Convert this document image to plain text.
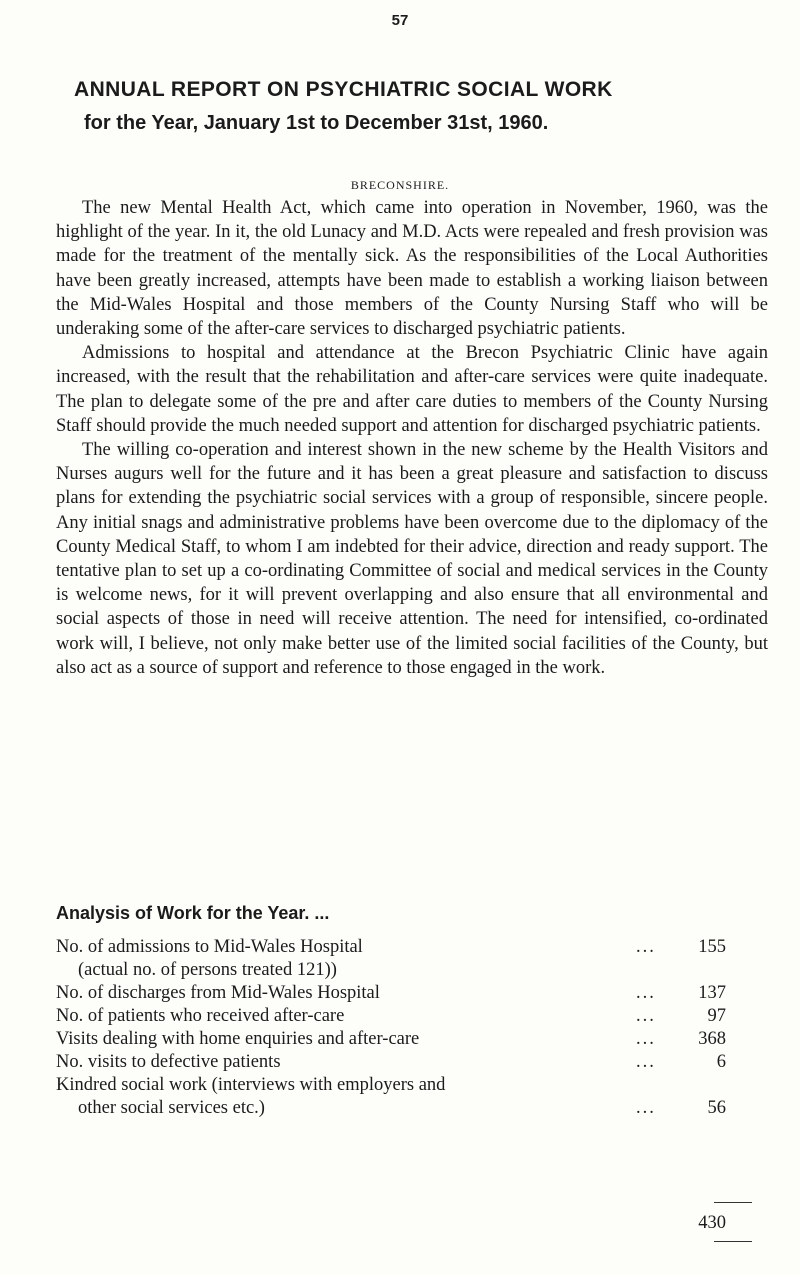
57
ANNUAL REPORT ON PSYCHIATRIC SOCIAL WORK
for the Year, January 1st to December 31st, 1960.
BRECONSHIRE.

The new Mental Health Act, which came into operation in November, 1960, was the highlight of the year. In it, the old Lunacy and M.D. Acts were repealed and fresh provision was made for the treatment of the mentally sick. As the responsibilities of the Local Authorities have been greatly increased, attempts have been made to establish a working liaison between the Mid-Wales Hospital and those members of the County Nursing Staff who will be underaking some of the after-care services to discharged psychiatric patients.

Admissions to hospital and attendance at the Brecon Psychiatric Clinic have again increased, with the result that the rehabilitation and after-care services were quite inadequate. The plan to delegate some of the pre and after care duties to members of the County Nursing Staff should provide the much needed support and attention for discharged psychiatric patients.

The willing co-operation and interest shown in the new scheme by the Health Visitors and Nurses augurs well for the future and it has been a great pleasure and satisfaction to discuss plans for extending the psychiatric social services with a group of responsible, sincere people. Any initial snags and administrative problems have been overcome due to the diplomacy of the County Medical Staff, to whom I am indebted for their advice, direction and ready support. The tentative plan to set up a co-ordinating Committee of social and medical services in the County is welcome news, for it will prevent overlapping and also ensure that all environmental and social aspects of those in need will receive attention. The need for intensified, co-ordinated work will, I believe, not only make better use of the limited social facilities of the County, but also act as a source of support and reference to those engaged in the work.

Analysis of Work for the Year. ...
No. of admissions to Mid-Wales Hospital	...	155
(actual no. of persons treated 121))
No. of discharges from Mid-Wales Hospital	...	137
No. of patients who received after-care	...	97
Visits dealing with home enquiries and after-care	...	368
No. visits to defective patients	...	6
Kindred social work (interviews with employers and
other social services etc.)	...	56
430
